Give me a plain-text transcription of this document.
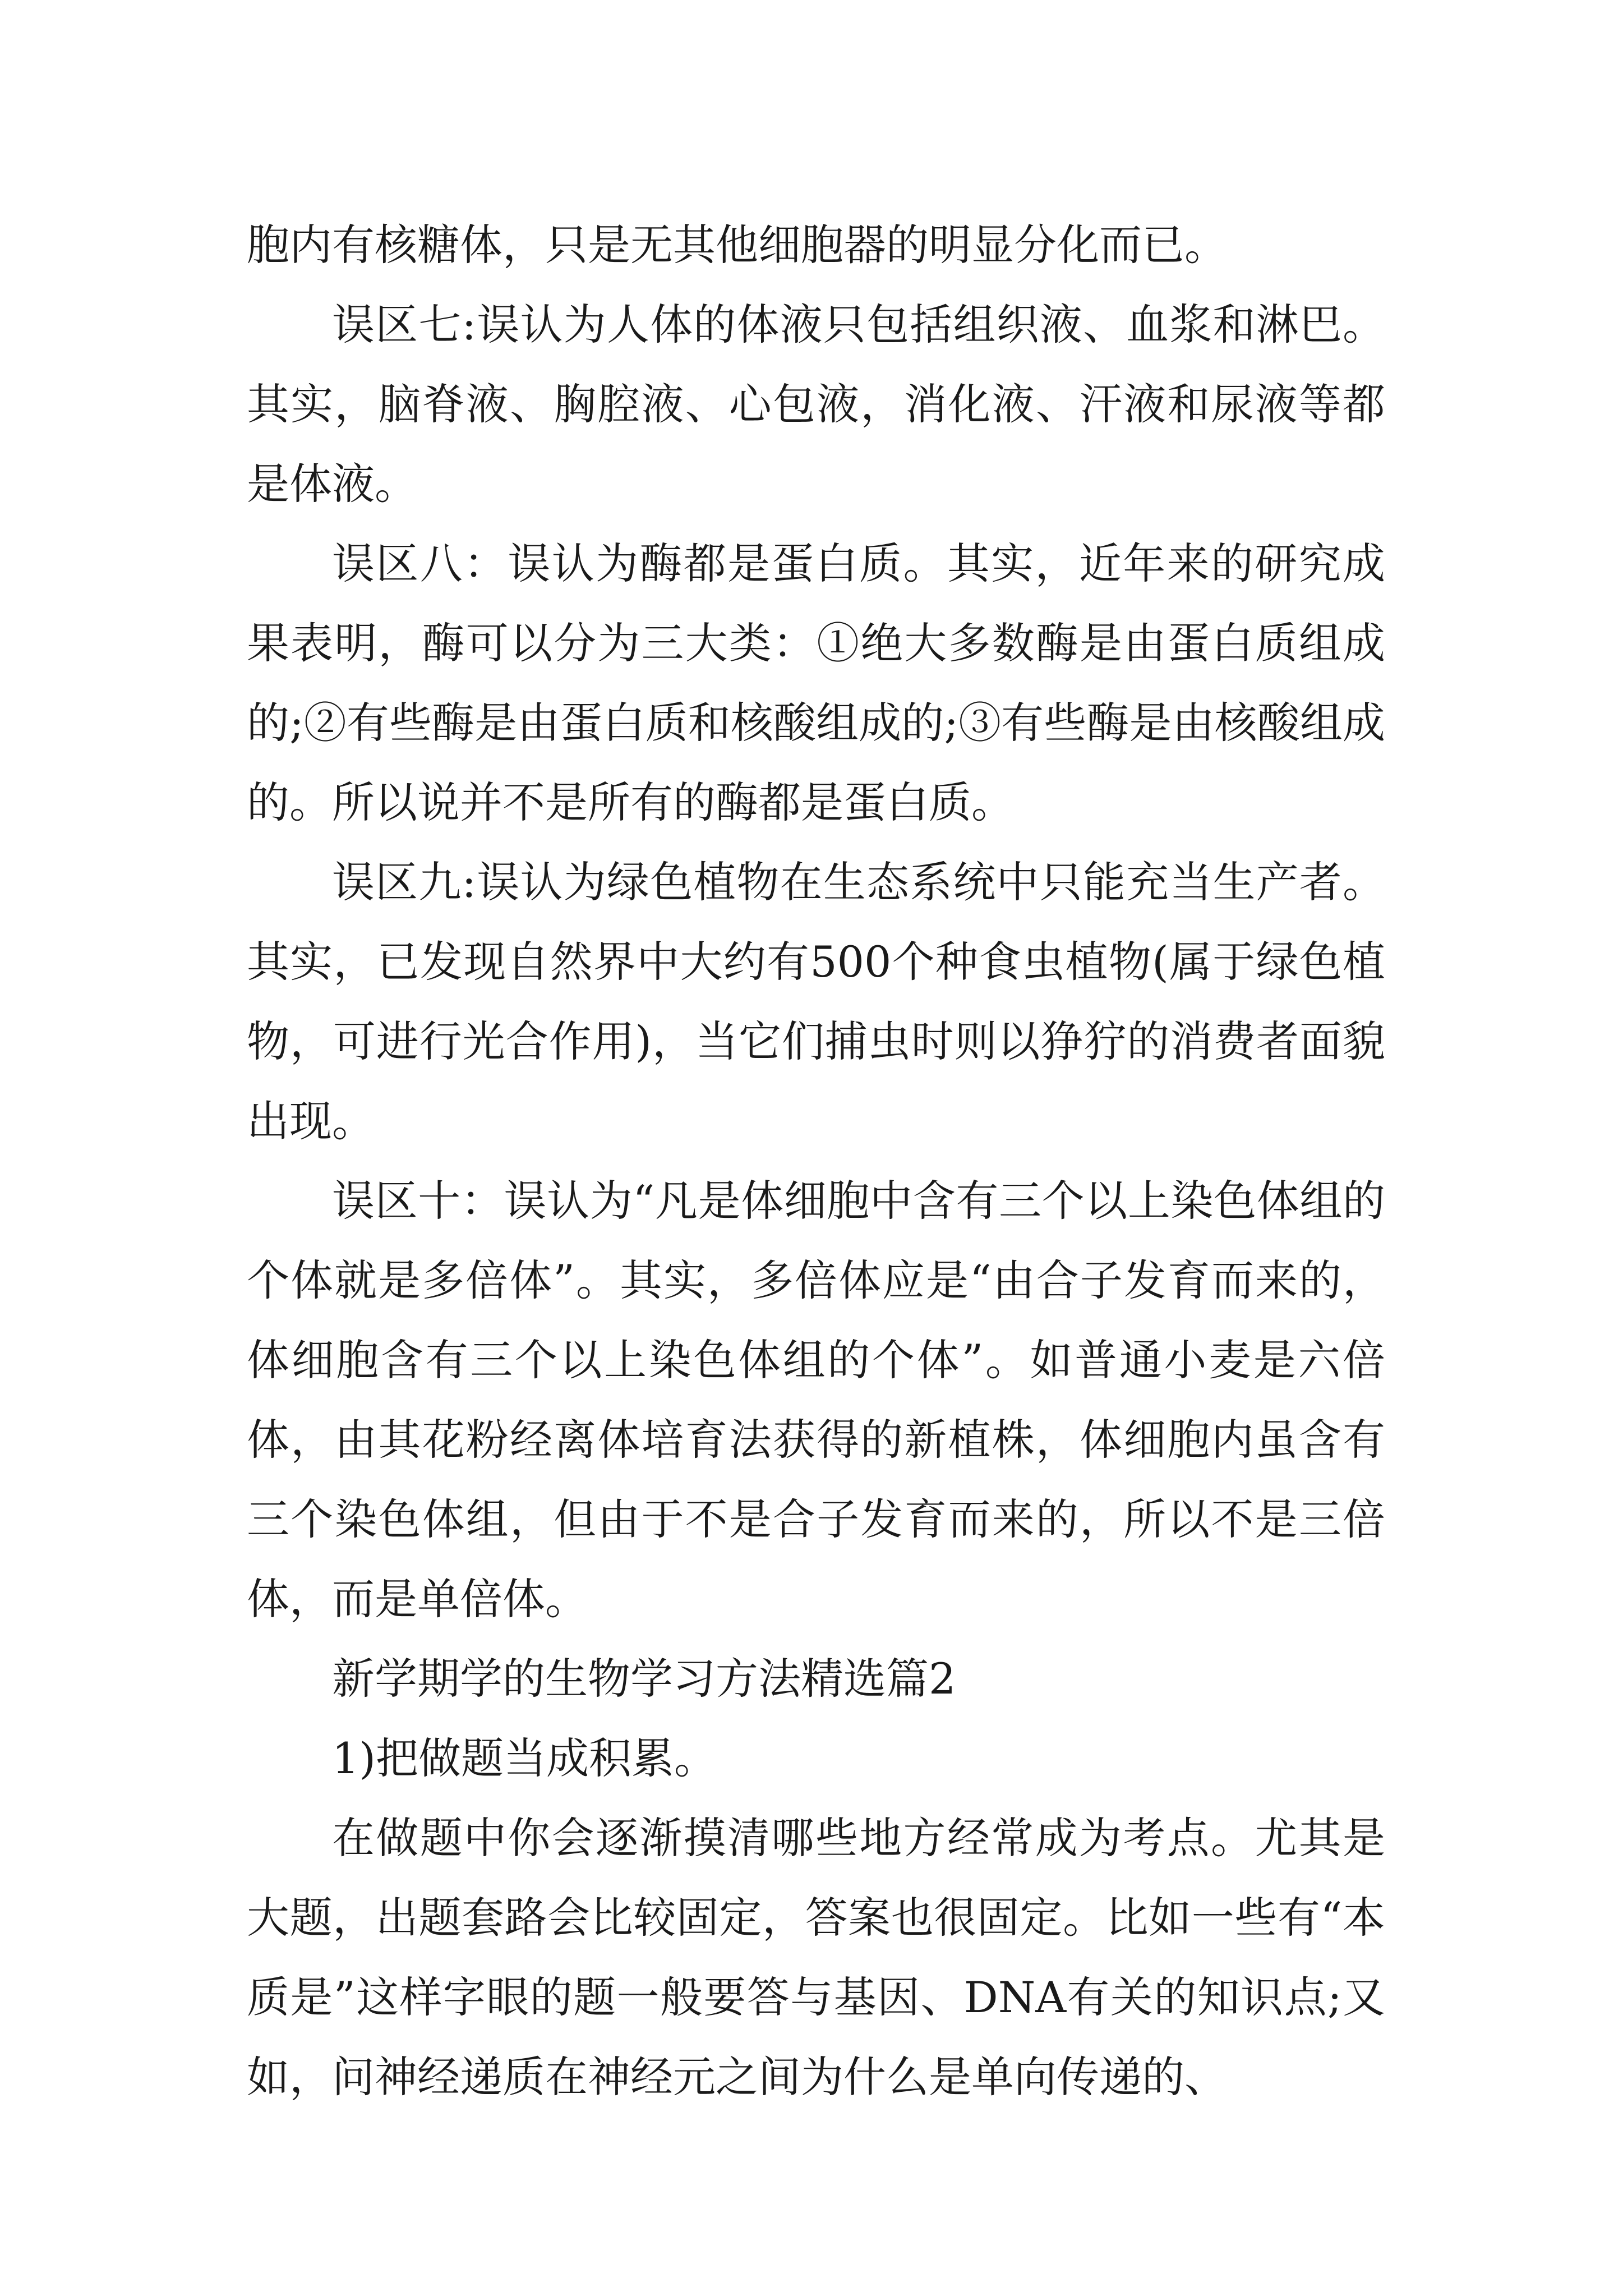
胞内有核糖体，只是无其他细胞器的明显分化而已。

误区七:误认为人体的体液只包括组织液、血浆和淋巴。其实，脑脊液、胸腔液、心包液，消化液、汗液和尿液等都是体液。

误区八：误认为酶都是蛋白质。其实，近年来的研究成果表明，酶可以分为三大类：①绝大多数酶是由蛋白质组成的;②有些酶是由蛋白质和核酸组成的;③有些酶是由核酸组成的。所以说并不是所有的酶都是蛋白质。

误区九:误认为绿色植物在生态系统中只能充当生产者。其实，已发现自然界中大约有500个种食虫植物(属于绿色植物，可进行光合作用)，当它们捕虫时则以狰狞的消费者面貌出现。

误区十：误认为“凡是体细胞中含有三个以上染色体组的个体就是多倍体”。其实，多倍体应是“由合子发育而来的，体细胞含有三个以上染色体组的个体”。如普通小麦是六倍体，由其花粉经离体培育法获得的新植株，体细胞内虽含有三个染色体组，但由于不是合子发育而来的，所以不是三倍体，而是单倍体。

新学期学的生物学习方法精选篇2

1)把做题当成积累。

在做题中你会逐渐摸清哪些地方经常成为考点。尤其是大题，出题套路会比较固定，答案也很固定。比如一些有“本质是”这样字眼的题一般要答与基因、DNA有关的知识点;又如，问神经递质在神经元之间为什么是单向传递的、
